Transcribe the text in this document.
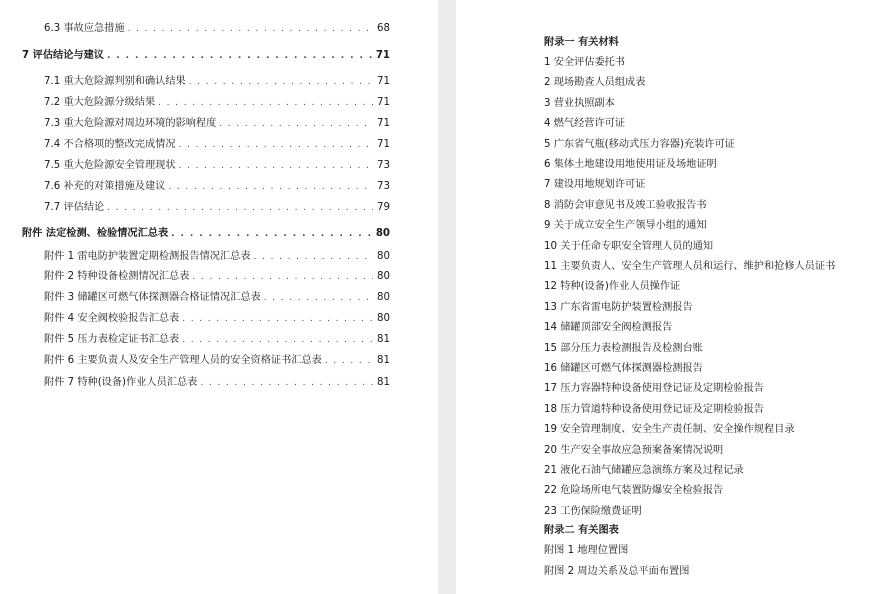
6.3 事故应急措施 . . .	68
7 评估结论与建议 . . .	71
7.1 重大危险源判别和确认结果 . . .	71
7.2 重大危险源分级结果 . . .	71
7.3 重大危险源对周边环境的影响程度 . . .	71
7.4 不合格项的整改完成情况 . . .	71
7.5 重大危险源安全管理现状 . . .	73
7.6 补充的对策措施及建议 . . .	73
7.7 评估结论 . . .	79
附件 法定检测、检验情况汇总表 . . .	80
附件 1 雷电防护装置定期检测报告情况汇总表 . . .	80
附件 2 特种设备检测情况汇总表 . . .	80
附件 3 储罐区可燃气体探测器合格证情况汇总表 . . .	80
附件 4 安全阀校验报告汇总表 . . .	80
附件 5 压力表检定证书汇总表 . . .	81
附件 6 主要负责人及安全生产管理人员的安全资格证书汇总表 . . .	81
附件 7 特种(设备)作业人员汇总表 . . .	81
附录一 有关材料
1 安全评估委托书
2 现场勘查人员组成表
3 营业执照副本
4 燃气经营许可证
5 广东省气瓶(移动式压力容器)充装许可证
6 集体土地建设用地使用证及场地证明
7 建设用地规划许可证
8 消防会审意见书及竣工验收报告书
9 关于成立安全生产领导小组的通知
10 关于任命专职安全管理人员的通知
11 主要负责人、安全生产管理人员和运行、维护和抢修人员证书
12 特种(设备)作业人员操作证
13 广东省雷电防护装置检测报告
14 储罐顶部安全阀检测报告
15 部分压力表检测报告及检测台账
16 储罐区可燃气体探测器检测报告
17 压力容器特种设备使用登记证及定期检验报告
18 压力管道特种设备使用登记证及定期检验报告
19 安全管理制度、安全生产责任制、安全操作规程目录
20 生产安全事故应急预案备案情况说明
21 液化石油气储罐应急演练方案及过程记录
22 危险场所电气装置防爆安全检验报告
23 工伤保险缴费证明
附录二 有关图表
附图 1 地理位置图
附图 2 周边关系及总平面布置图
